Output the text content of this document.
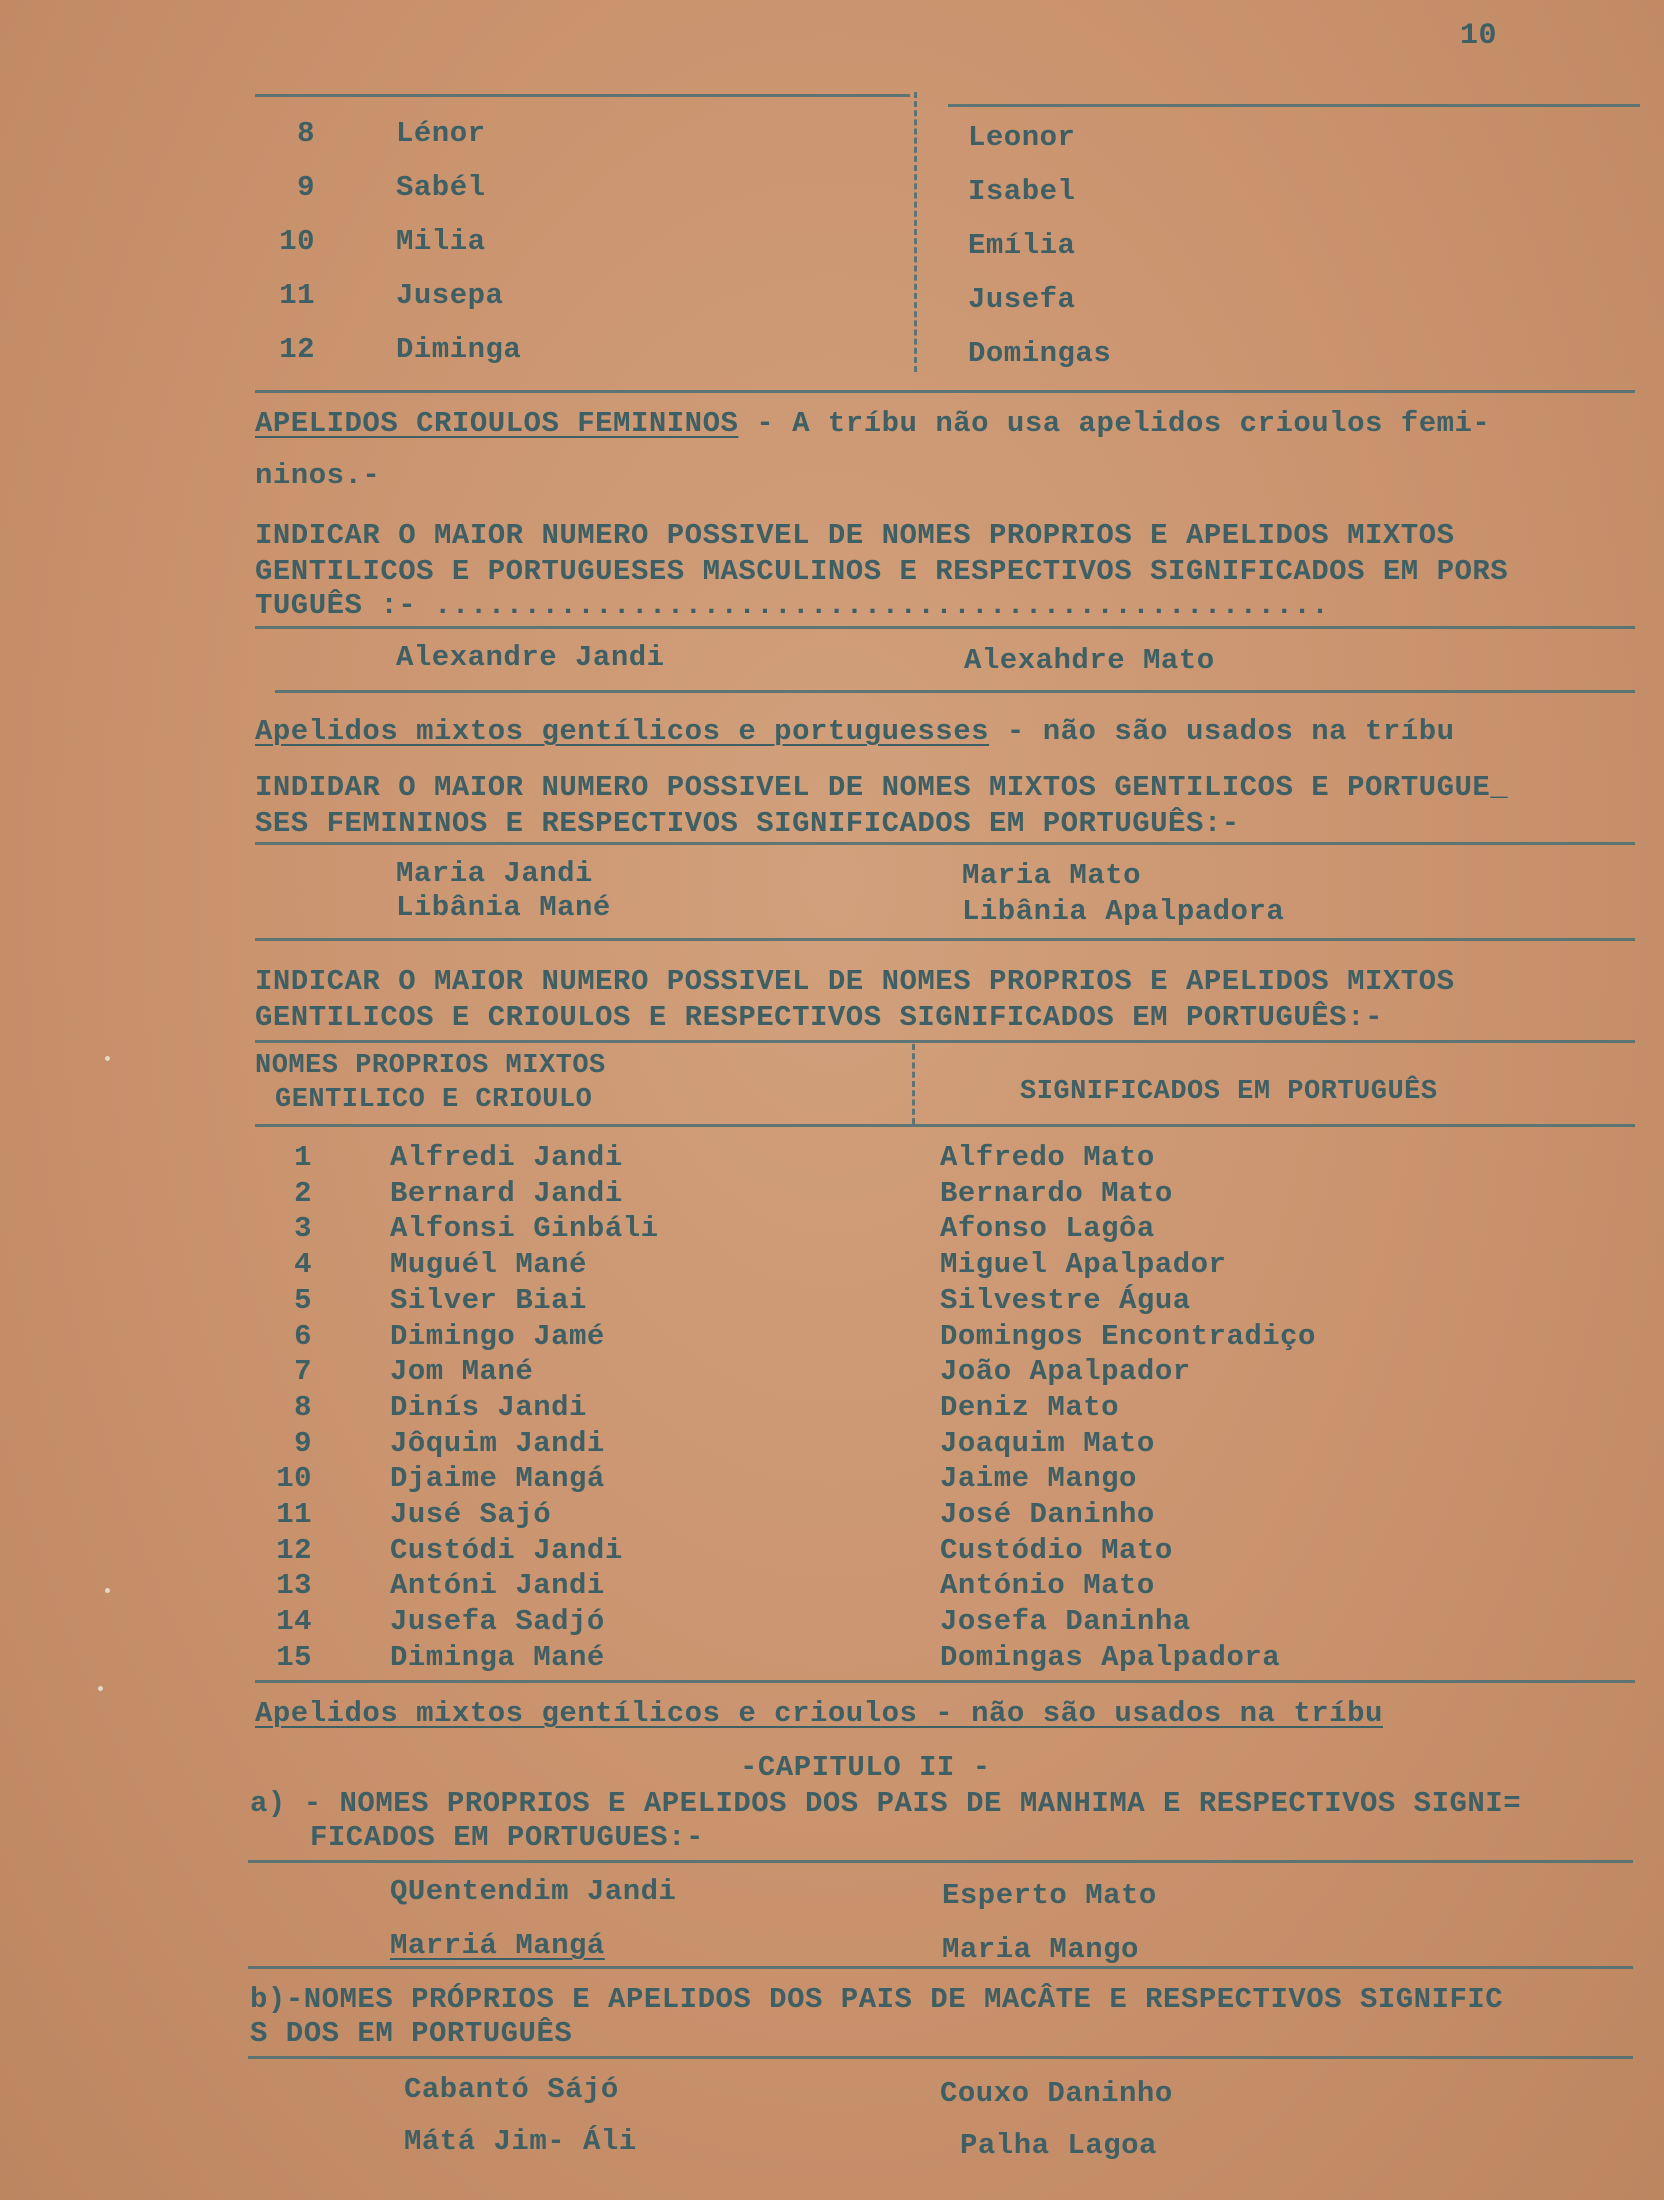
10
8	Lénor	Leonor
9	Sabél	Isabel
10	Milia	Emília
11	Jusepa	Jusefa
12	Diminga	Domingas
APELIDOS CRIOULOS FEMININOS - A tríbu não usa apelidos crioulos femi-
ninos.-
INDICAR O MAIOR NUMERO POSSIVEL DE NOMES PROPRIOS E APELIDOS MIXTOS
GENTILICOS E PORTUGUESES MASCULINOS E RESPECTIVOS SIGNIFICADOS EM PORS
TUGUÊS :- ..................................................
Alexandre Jandi	Alexahdre Mato
Apelidos mixtos gentílicos e portuguesses - não são usados na tríbu
INDIDAR O MAIOR NUMERO POSSIVEL DE NOMES MIXTOS GENTILICOS E PORTUGUE_
SES FEMININOS E RESPECTIVOS SIGNIFICADOS EM PORTUGUÊS:-
Maria Jandi	Maria Mato
Libânia Mané	Libânia Apalpadora
INDICAR O MAIOR NUMERO POSSIVEL DE NOMES PROPRIOS E APELIDOS MIXTOS
GENTILICOS E CRIOULOS E RESPECTIVOS SIGNIFICADOS EM PORTUGUÊS:-
NOMES PROPRIOS MIXTOS
GENTILICO E CRIOULO	SIGNIFICADOS EM PORTUGUÊS
1	Alfredi Jandi	Alfredo Mato
2	Bernard Jandi	Bernardo Mato
3	Alfonsi Ginbáli	Afonso Lagôa
4	Muguél Mané	Miguel Apalpador
5	Silver Biai	Silvestre Água
6	Dimingo Jamé	Domingos Encontradiço
7	Jom Mané	João Apalpador
8	Dinís Jandi	Deniz Mato
9	Jôquim Jandi	Joaquim Mato
10	Djaime Mangá	Jaime Mango
11	Jusé Sajó	José Daninho
12	Custódi Jandi	Custódio Mato
13	Antóni Jandi	António Mato
14	Jusefa Sadjó	Josefa Daninha
15	Diminga Mané	Domingas Apalpadora
Apelidos mixtos gentílicos e crioulos - não são usados na tríbu
-CAPITULO II -
a) - NOMES PROPRIOS E APELIDOS DOS PAIS DE MANHIMA E RESPECTIVOS SIGNI=
FICADOS EM PORTUGUES:-
QUentendim Jandi	Esperto Mato
Marriá Mangá	Maria Mango
b)-NOMES PRÓPRIOS E APELIDOS DOS PAIS DE MACÂTE E RESPECTIVOS SIGNIFIC
S DOS EM PORTUGUÊS
Cabantó Sájó	Couxo Daninho
Mátá Jim- Áli	Palha Lagoa
